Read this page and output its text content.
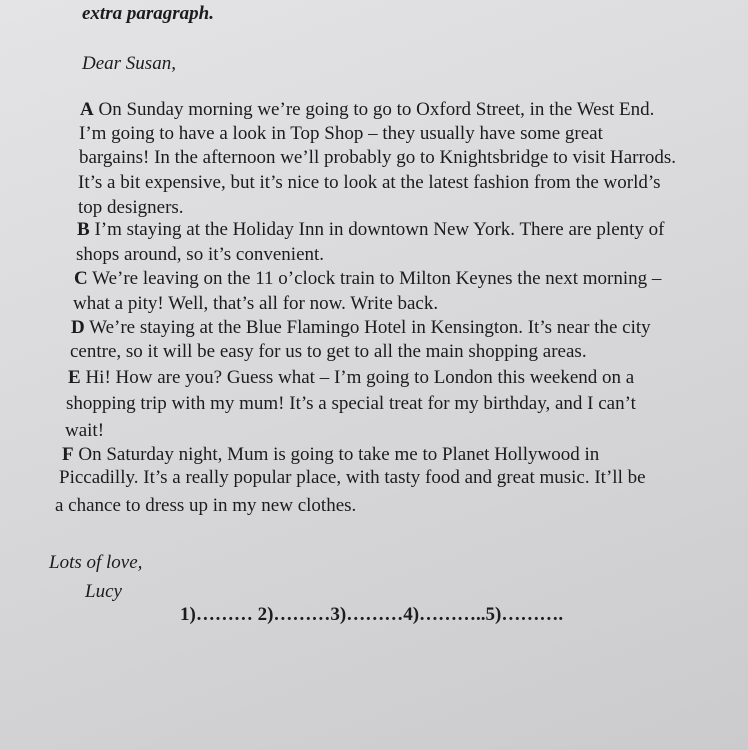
extra paragraph.
Dear Susan,
A On Sunday morning we’re going to go to Oxford Street, in the West End.
I’m going to have a look in Top Shop – they usually have some great
bargains! In the afternoon we’ll probably go to Knightsbridge to visit Harrods.
It’s a bit expensive, but it’s nice to look at the latest fashion from the world’s
top designers.
B I’m staying at the Holiday Inn in downtown New York. There are plenty of
shops around, so it’s convenient.
C We’re leaving on the 11 o’clock train to Milton Keynes the next morning –
what a pity! Well, that’s all for now. Write back.
D We’re staying at the Blue Flamingo Hotel in Kensington. It’s near the city
centre, so it will be easy for us to get to all the main shopping areas.
E Hi! How are you? Guess what – I’m going to London this weekend on a
shopping trip with my mum! It’s a special treat for my birthday, and I can’t
wait!
F On Saturday night, Mum is going to take me to Planet Hollywood in
Piccadilly. It’s a really popular place, with tasty food and great music. It’ll be
a chance to dress up in my new clothes.
Lots of love,
Lucy
1)……… 2)………3)………4)………..5)……….
